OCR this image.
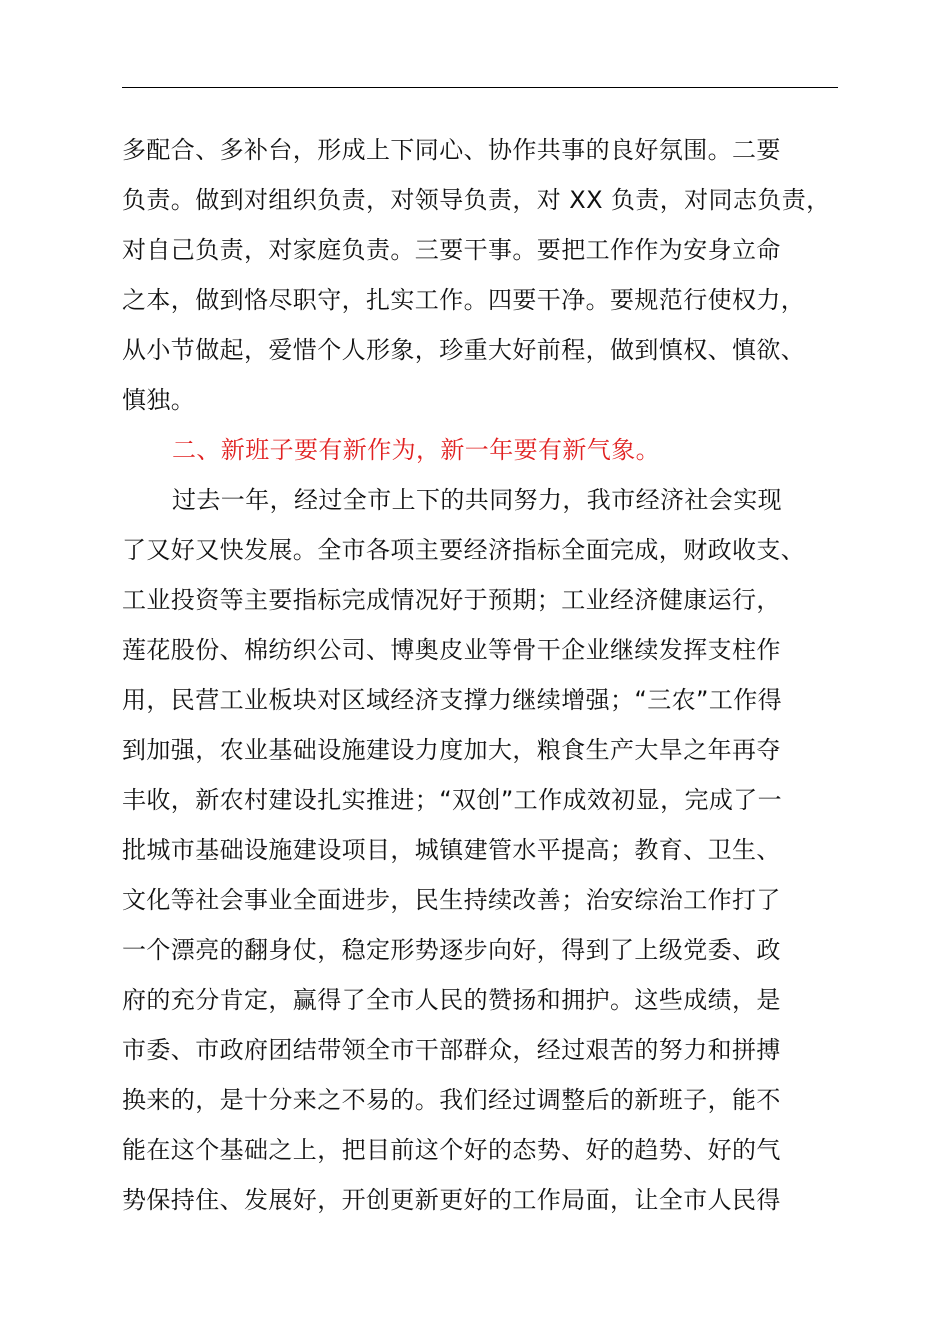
多配合、多补台，形成上下同心、协作共事的良好氛围。二要
负责。做到对组织负责，对领导负责，对 XX 负责，对同志负责，
对自己负责，对家庭负责。三要干事。要把工作作为安身立命
之本，做到恪尽职守，扎实工作。四要干净。要规范行使权力，
从小节做起，爱惜个人形象，珍重大好前程，做到慎权、慎欲、
慎独。
二、新班子要有新作为，新一年要有新气象。
过去一年，经过全市上下的共同努力，我市经济社会实现
了又好又快发展。全市各项主要经济指标全面完成，财政收支、
工业投资等主要指标完成情况好于预期；工业经济健康运行，
莲花股份、棉纺织公司、博奥皮业等骨干企业继续发挥支柱作
用，民营工业板块对区域经济支撑力继续增强；“三农”工作得
到加强，农业基础设施建设力度加大，粮食生产大旱之年再夺
丰收，新农村建设扎实推进；“双创”工作成效初显，完成了一
批城市基础设施建设项目，城镇建管水平提高；教育、卫生、
文化等社会事业全面进步，民生持续改善；治安综治工作打了
一个漂亮的翻身仗，稳定形势逐步向好，得到了上级党委、政
府的充分肯定，赢得了全市人民的赞扬和拥护。这些成绩，是
市委、市政府团结带领全市干部群众，经过艰苦的努力和拼搏
换来的，是十分来之不易的。我们经过调整后的新班子，能不
能在这个基础之上，把目前这个好的态势、好的趋势、好的气
势保持住、发展好，开创更新更好的工作局面，让全市人民得
